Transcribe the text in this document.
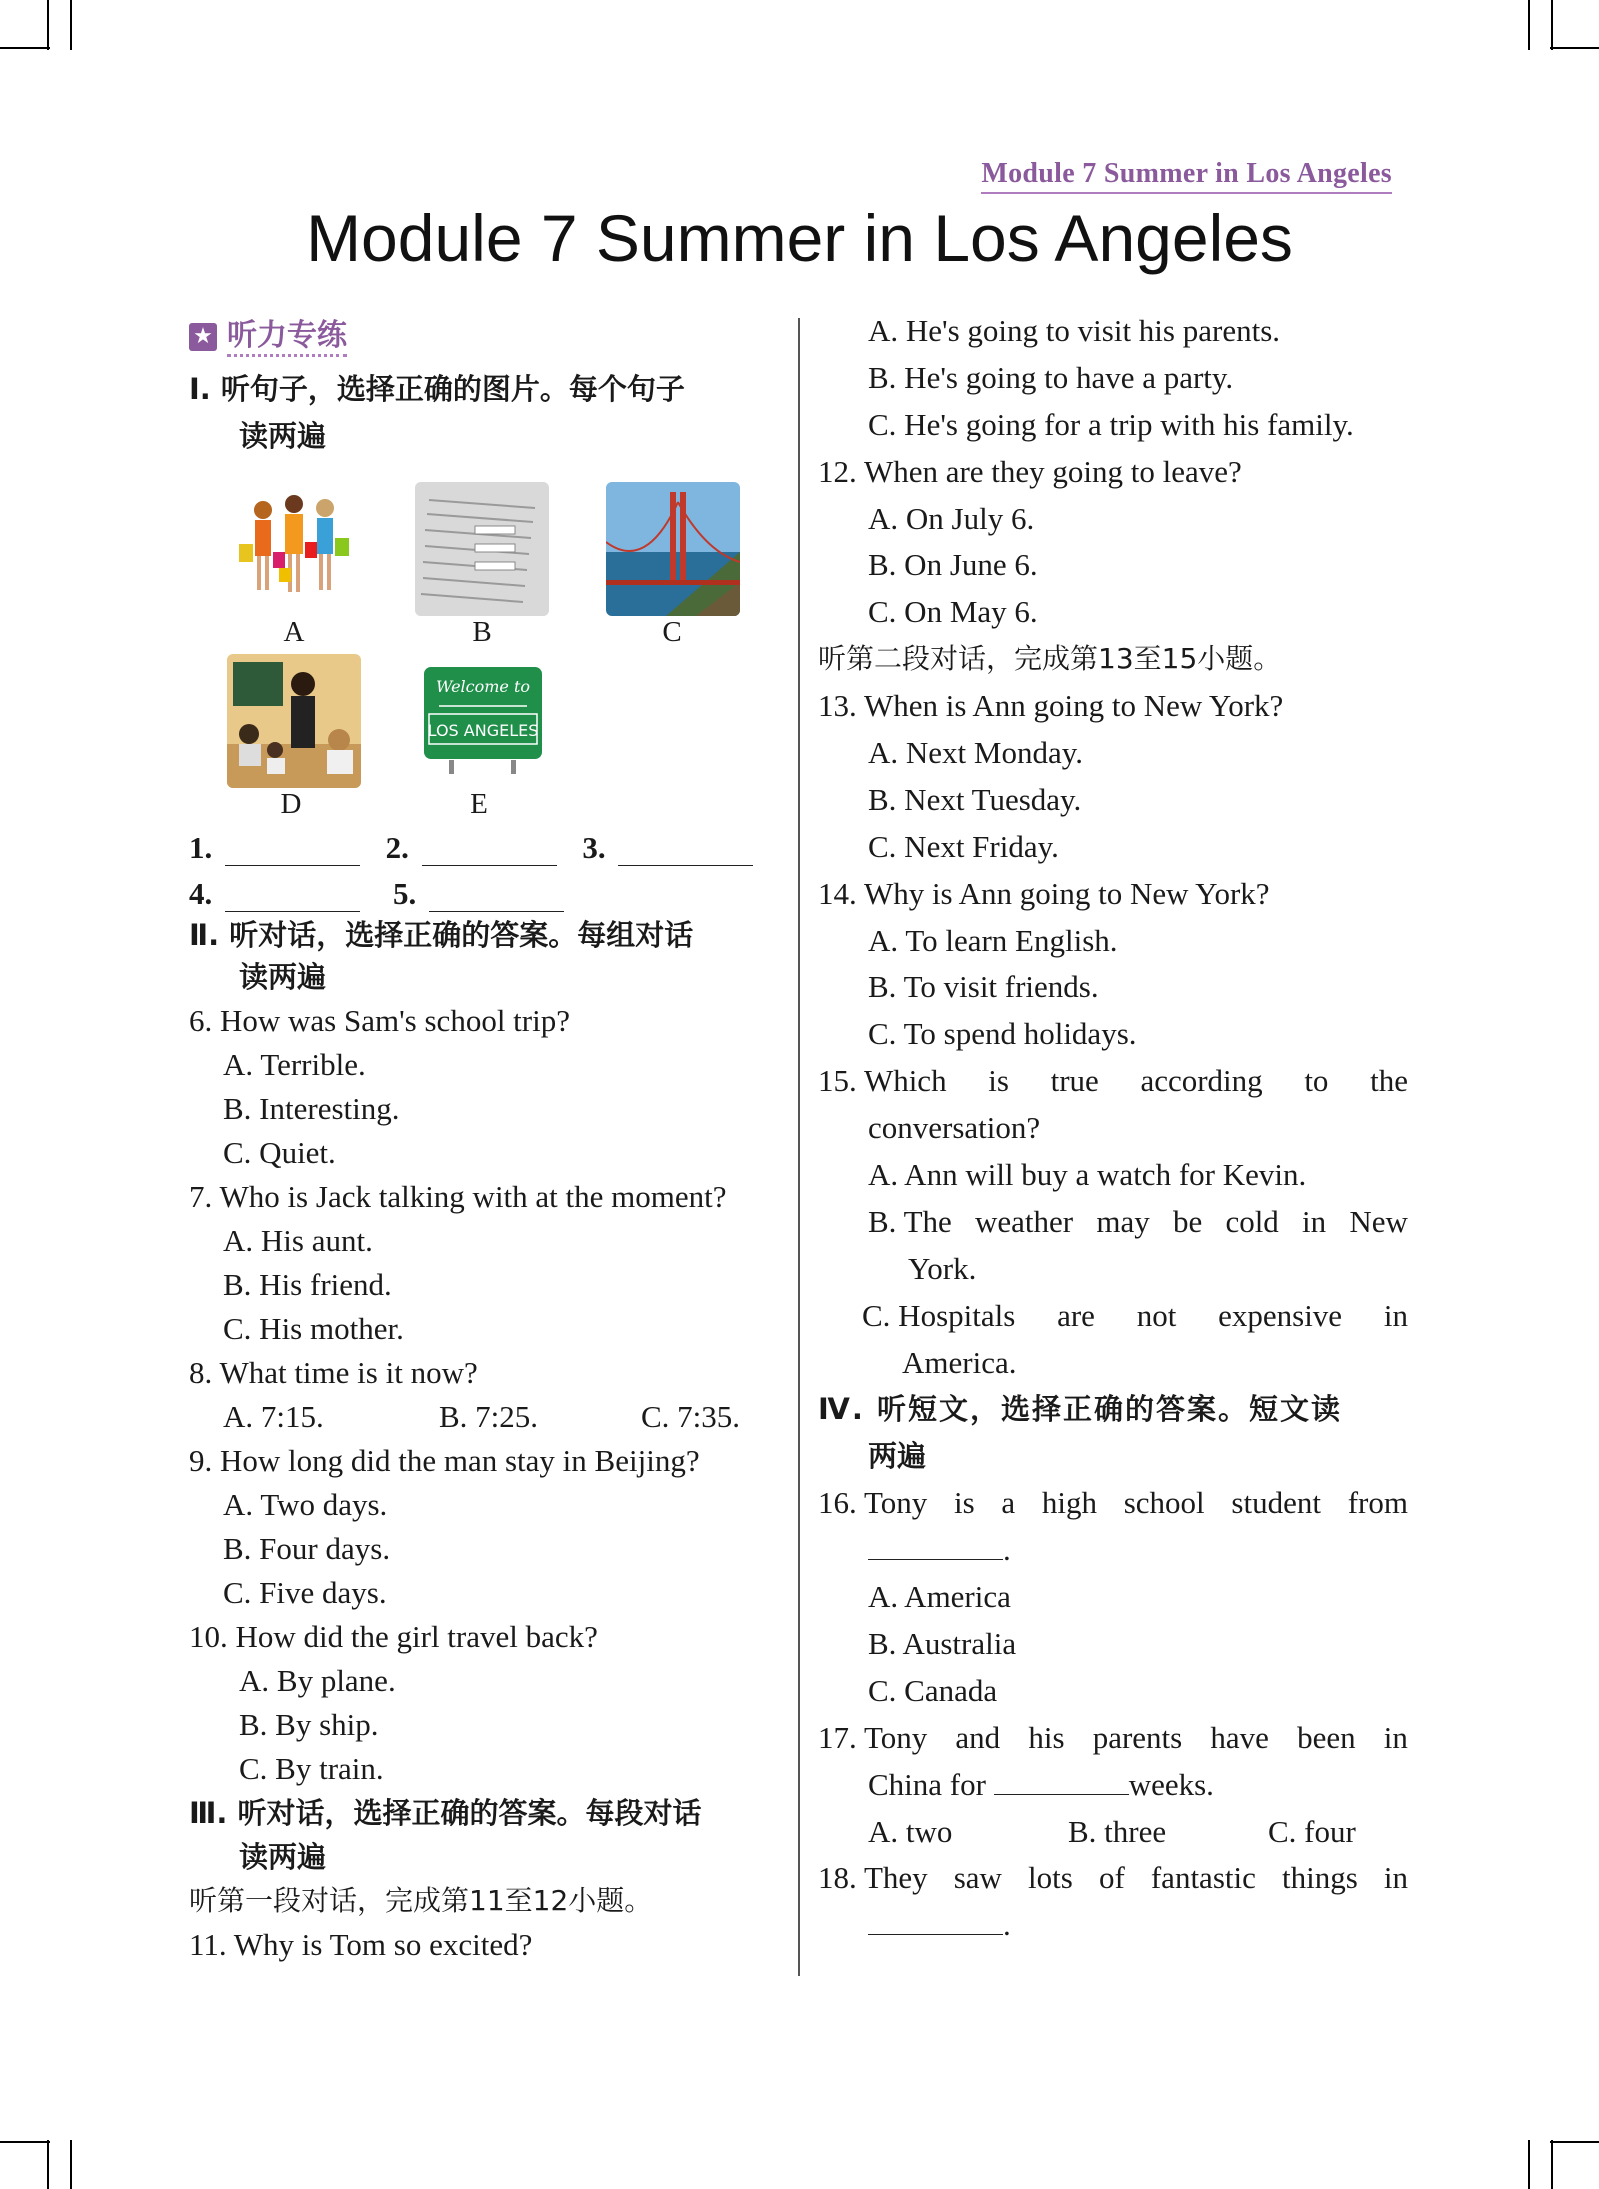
Module 7 Summer in Los Angeles
Module 7 Summer in Los Angeles
★ 听力专练
Ⅰ. 听句子，选择正确的图片。每个句子
读两遍
A	B	C
Welcome to
LOS ANGELES
D	E
1.	2.	3.
4.	5.
Ⅱ. 听对话，选择正确的答案。每组对话
读两遍
6. How was Sam's school trip?
A. Terrible.
B. Interesting.
C. Quiet.
7. Who is Jack talking with at the moment?
A. His aunt.
B. His friend.
C. His mother.
8. What time is it now?
A. 7:15.	B. 7:25.	C. 7:35.
9. How long did the man stay in Beijing?
A. Two days.
B. Four days.
C. Five days.
10. How did the girl travel back?
A. By plane.
B. By ship.
C. By train.
Ⅲ. 听对话，选择正确的答案。每段对话
读两遍
听第一段对话，完成第11至12小题。
11. Why is Tom so excited?
A. He's going to visit his parents.
B. He's going to have a party.
C. He's going for a trip with his family.
12. When are they going to leave?
A. On July 6.
B. On June 6.
C. On May 6.
听第二段对话，完成第13至15小题。
13. When is Ann going to New York?
A. Next Monday.
B. Next Tuesday.
C. Next Friday.
14. Why is Ann going to New York?
A. To learn English.
B. To visit friends.
C. To spend holidays.
15. Which is true according to the
conversation?
A. Ann will buy a watch for Kevin.
B. The weather may be cold in New
York.
C. Hospitals are not expensive in
America.
Ⅳ. 听短文，选择正确的答案。短文读
两遍
16. Tony is a high school student from
.
A. America
B. Australia
C. Canada
17. Tony and his parents have been in
China for	weeks.
A. two	B. three	C. four
18. They saw lots of fantastic things in
.
